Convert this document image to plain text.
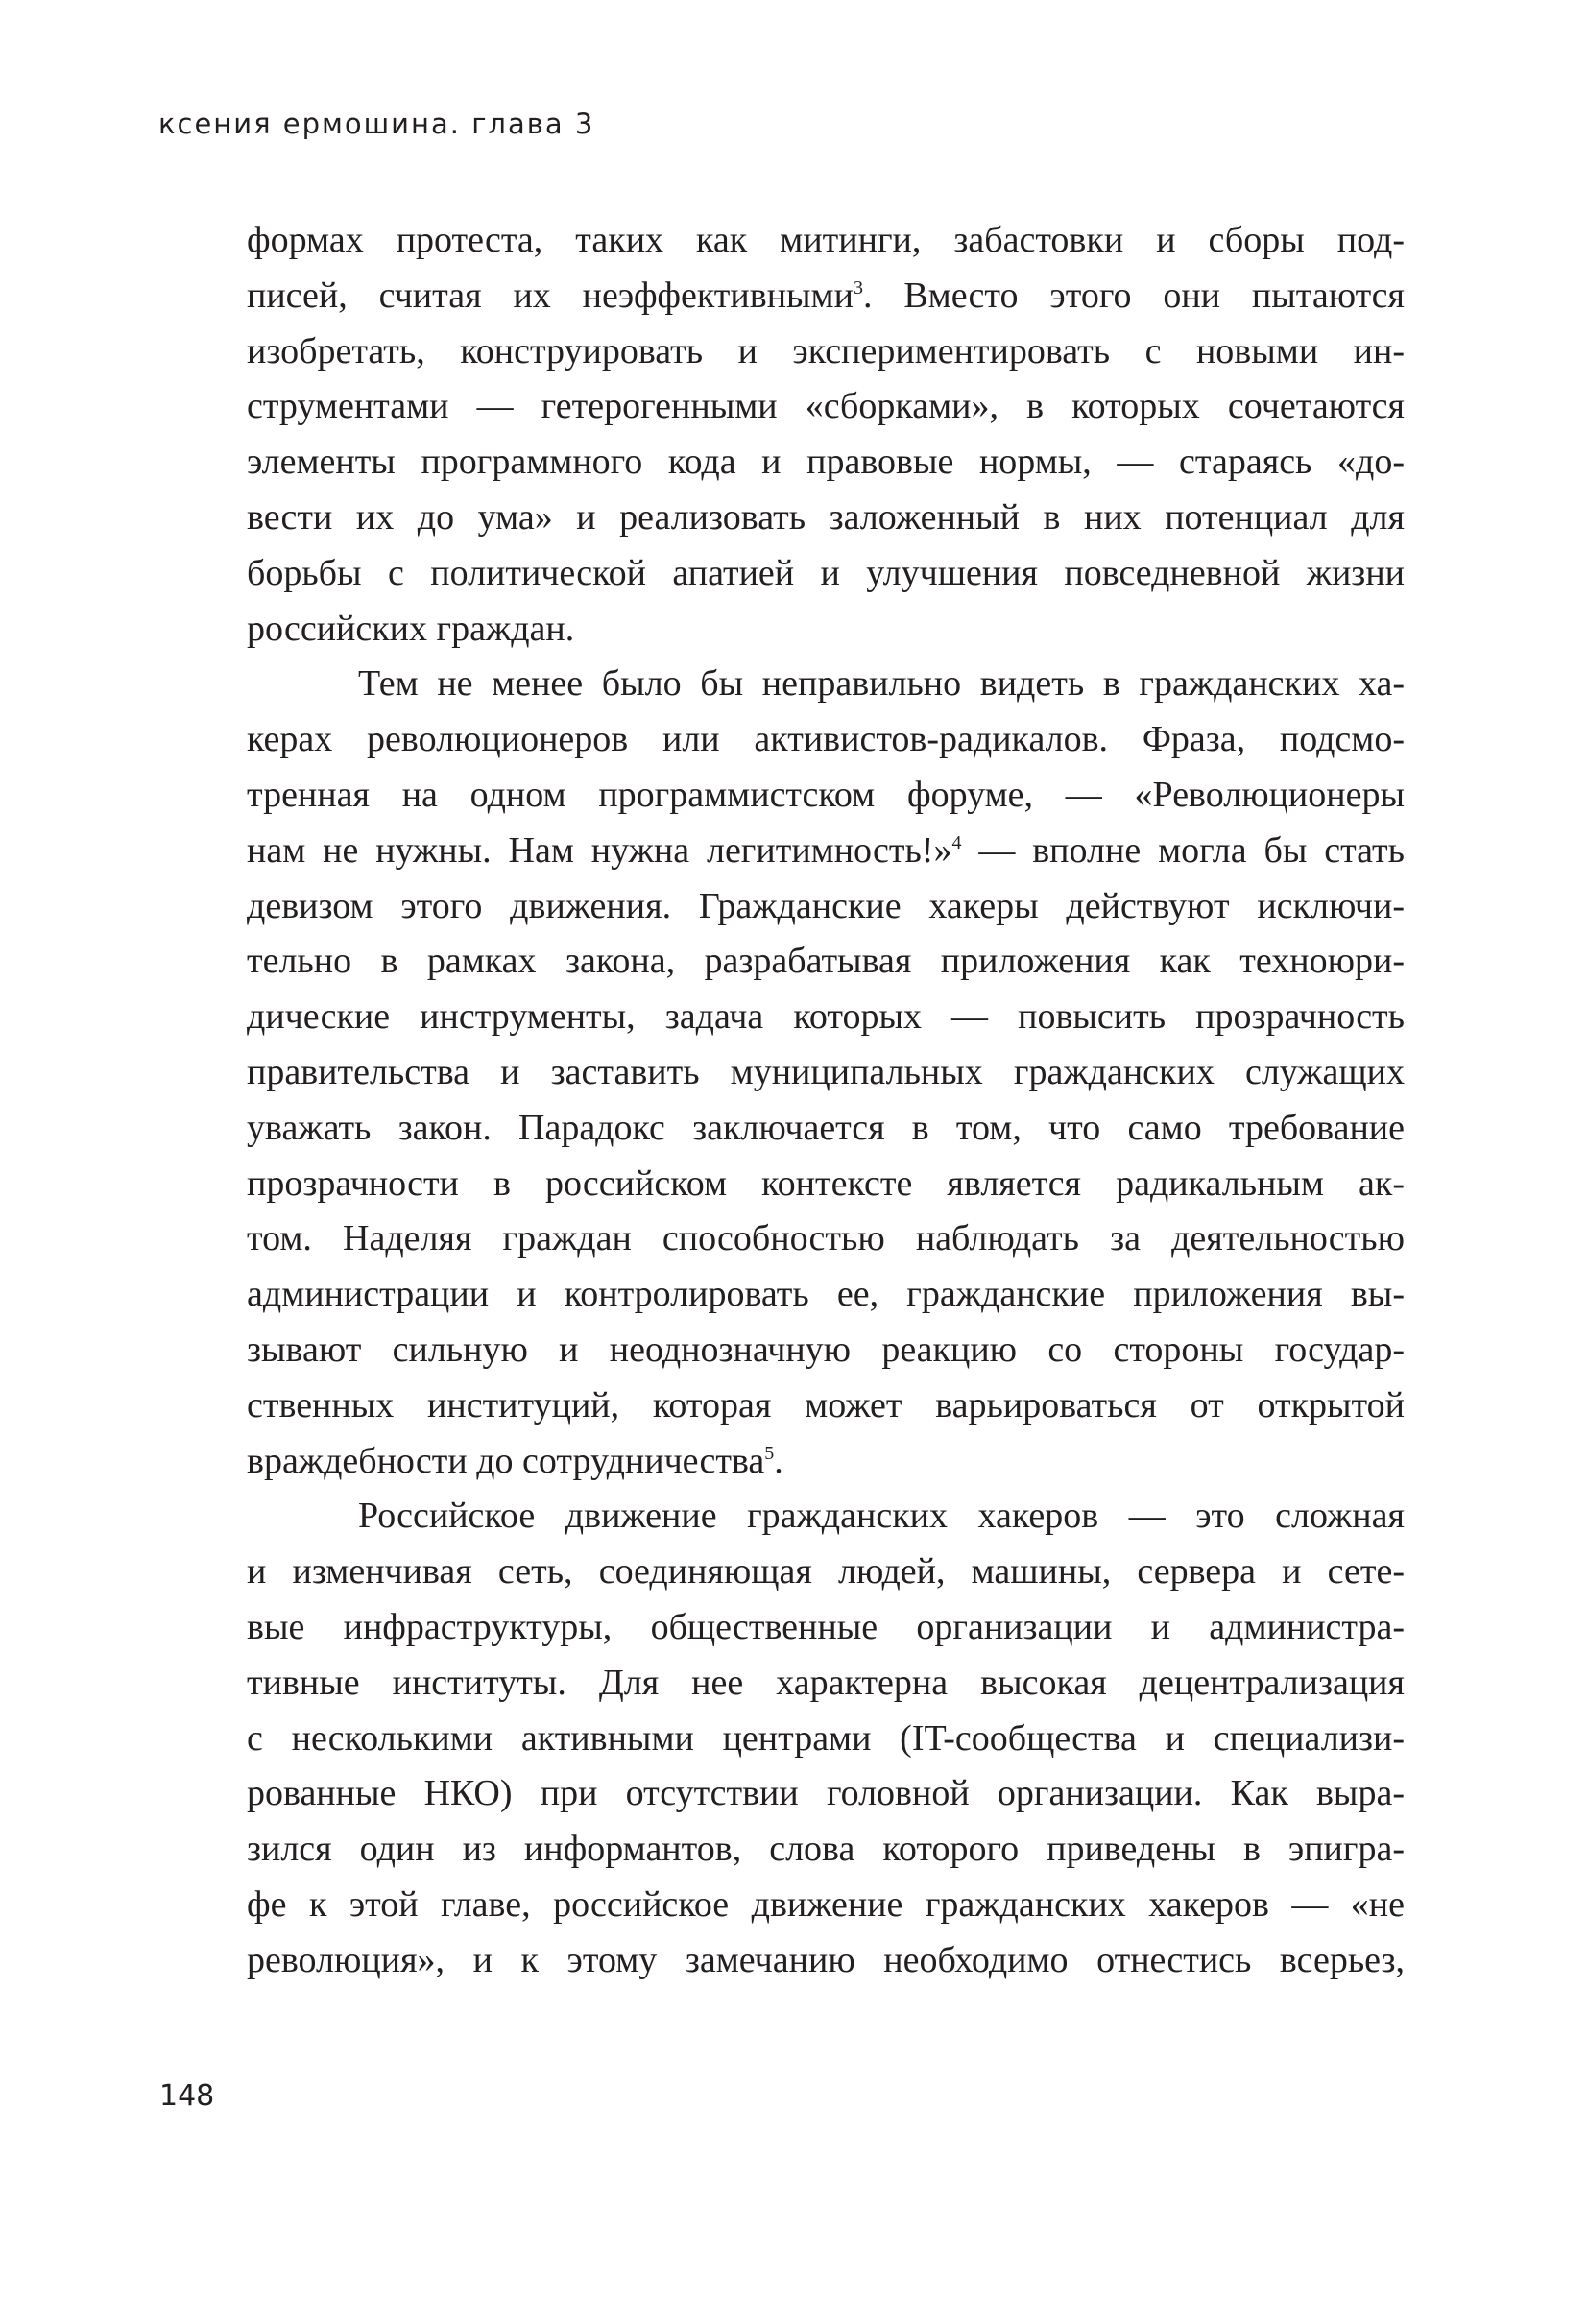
ксения ермошина. глава 3
формах протеста, таких как митинги, забастовки и сборы под-
писей, считая их неэффективными$^3$. Вместо этого они пытаются
изобретать, конструировать и экспериментировать с новыми ин-
струментами — гетерогенными «сборками», в которых сочетаются
элементы программного кода и правовые нормы, — стараясь «до-
вести их до ума» и реализовать заложенный в них потенциал для
борьбы с политической апатией и улучшения повседневной жизни
российских граждан.
Тем не менее было бы неправильно видеть в гражданских ха-
керах революционеров или активистов-радикалов. Фраза, подсмо-
тренная на одном программистском форуме, — «Революционеры
нам не нужны. Нам нужна легитимность!»$^4$ — вполне могла бы стать
девизом этого движения. Гражданские хакеры действуют исключи-
тельно в рамках закона, разрабатывая приложения как техноюри-
дические инструменты, задача которых — повысить прозрачность
правительства и заставить муниципальных гражданских служащих
уважать закон. Парадокс заключается в том, что само требование
прозрачности в российском контексте является радикальным ак-
том. Наделяя граждан способностью наблюдать за деятельностью
администрации и контролировать ее, гражданские приложения вы-
зывают сильную и неоднозначную реакцию со стороны государ-
ственных институций, которая может варьироваться от открытой
враждебности до сотрудничества$^5$.
Российское движение гражданских хакеров — это сложная
и изменчивая сеть, соединяющая людей, машины, сервера и сете-
вые инфраструктуры, общественные организации и администра-
тивные институты. Для нее характерна высокая децентрализация
с несколькими активными центрами (IT-сообщества и специализи-
рованные НКО) при отсутствии головной организации. Как выра-
зился один из информантов, слова которого приведены в эпигра-
фе к этой главе, российское движение гражданских хакеров — «не
революция», и к этому замечанию необходимо отнестись всерьез,
148
